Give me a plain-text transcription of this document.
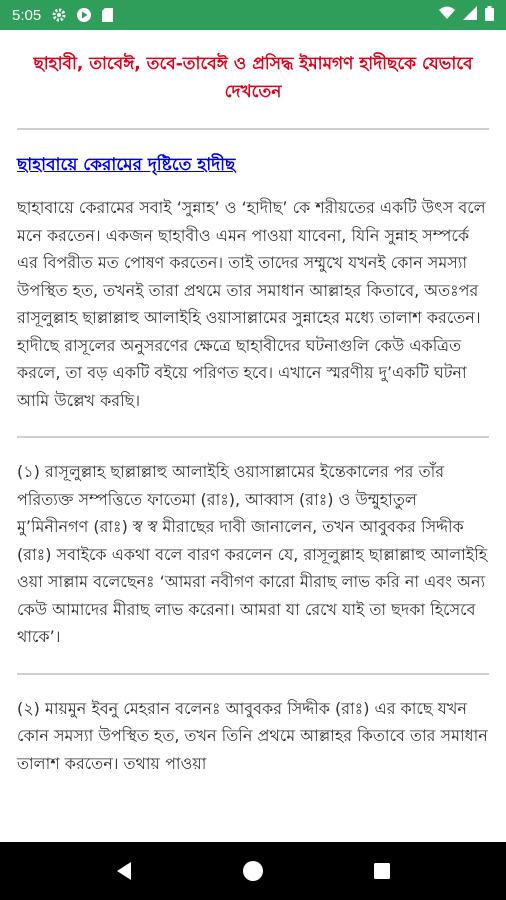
5:05
ছাহাবী, তাবেঈ, তবে-তাবেঈ ও প্রসিদ্ধ ইমামগণ হাদীছকে যেভাবে দেখতেন
ছাহাবায়ে কেরামের দৃষ্টিতে হাদীছ

ছাহাবায়ে কেরামের সবাই ‘সুন্নাহ’ ও ‘হাদীছ’ কে শরীয়তের একটি উৎস বলে মনে করতেন। একজন ছাহাবীও এমন পাওয়া যাবেনা, যিনি সুন্নাহ সম্পর্কে এর বিপরীত মত পোষণ করতেন। তাই তাদের সম্মুখে যখনই কোন সমস্যা উপস্থিত হত, তখনই তারা প্রথমে তার সমাধান আল্লাহর কিতাবে, অতঃপর রাসূলুল্লাহ ছাল্লাল্লাহু আলাইহি ওয়াসাল্লামের সুন্নাহের মধ্যে তালাশ করতেন। হাদীছে রাসূলের অনুসরণের ক্ষেত্রে ছাহাবীদের ঘটনাগুলি কেউ একত্রিত করলে, তা বড় একটি বইয়ে পরিণত হবে। এখানে স্মরণীয় দু’একটি ঘটনা আমি উল্লেখ করছি।

(১) রাসূলুল্লাহ ছাল্লাল্লাহু আলাইহি ওয়াসাল্লামের ইন্তেকালের পর তাঁর পরিত্যক্ত সম্পত্তিতে ফাতেমা (রাঃ), আব্বাস (রাঃ) ও উম্মুহাতুল মু’মিনীনগণ (রাঃ) স্ব স্ব মীরাছের দাবী জানালেন, তখন আবুবকর সিদ্দীক (রাঃ) সবাইকে একথা বলে বারণ করলেন যে, রাসূলুল্লাহ ছাল্লাল্লাহু আলাইহি ওয়া সাল্লাম বলেছেনঃ ‘আমরা নবীগণ কারো মীরাছ লাভ করি না এবং অন্য কেউ আমাদের মীরাছ লাভ করেনা। আমরা যা রেখে যাই তা ছদকা হিসেবে থাকে’।

(২) মায়মুন ইবনু মেহরান বলেনঃ আবুবকর সিদ্দীক (রাঃ) এর কাছে যখন কোন সমস্যা উপস্থিত হত, তখন তিনি প্রথমে আল্লাহর কিতাবে তার সমাধান তালাশ করতেন। তথায় পাওয়া
